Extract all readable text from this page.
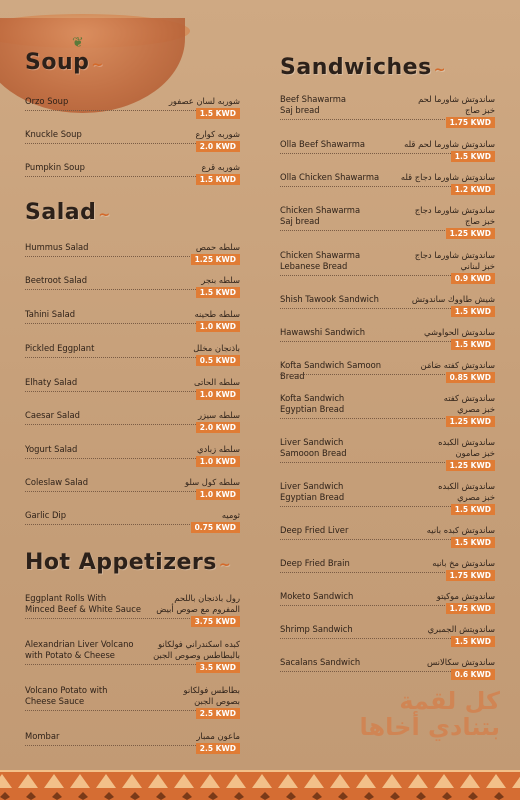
❦
Soup ~
Salad ~
Hot Appetizers ~
Sandwiches ~
Orzo Soup	شوربه لسان عصفور
1.5 KWD
Knuckle Soup	شوربه كوارع
2.0 KWD
Pumpkin Soup	شوربه قرع
1.5 KWD
Hummus Salad	سلطه حمص
1.25 KWD
Beetroot Salad	سلطه بنجر
1.5 KWD
Tahini Salad	سلطه طحينه
1.0 KWD
Pickled Eggplant	باذنجان مخلل
0.5 KWD
Elhaty Salad	سلطه الحاتى
1.0 KWD
Caesar Salad	سلطه سيزر
2.0 KWD
Yogurt Salad	سلطه زبادي
1.0 KWD
Coleslaw Salad	سلطه كول سلو
1.0 KWD
Garlic Dip	ثوميه
0.75 KWD
Eggplant Rolls With
Minced Beef & White Sauce
رول باذنجان باللحم
المفروم مع صوص أبيض
3.75 KWD
Alexandrian Liver Volcano
with Potato & Cheese
كبده اسكندراني فولكانو
بالبطاطس وصوص الجبن
3.5 KWD
Volcano Potato with
Cheese Sauce
بطاطس فولكانو
بصوص الجبن
2.5 KWD
Mombar	ماعون ممبار
2.5 KWD
Beef Shawarma
Saj bread
ساندوتش شاورما لحم
خبز صاج
1.75 KWD
Olla Beef Shawarma	ساندوتش شاورما لحم قله
1.5 KWD
Olla Chicken Shawarma	ساندوتش شاورما دجاج قله
1.2 KWD
Chicken Shawarma
Saj bread
ساندوتش شاورما دجاج
خبز صاج
1.25 KWD
Chicken Shawarma
Lebanese Bread
ساندوتش شاورما دجاج
خبز لبناني
0.9 KWD
Shish Tawook Sandwich	شيش طاووك ساندوتش
1.5 KWD
Hawawshi Sandwich	ساندوتش الحواوشي
1.5 KWD
Kofta Sandwich Samoon Bread
ساندوتش كفته صَامَن
0.85 KWD
Kofta Sandwich
Egyptian Bread
ساندوتش كفته
خبز مصري
1.25 KWD
Liver Sandwich
Samooon Bread
ساندوتش الكبده
خبز صامون
1.25 KWD
Liver Sandwich
Egyptian Bread
ساندوتش الكبده
خبز مصري
1.5 KWD
Deep Fried Liver	ساندوتش كبده بانيه
1.5 KWD
Deep Fried Brain	ساندوتش مخ بانيه
1.75 KWD
Moketo Sandwich	ساندوتش موكيتو
1.75 KWD
Shrimp Sandwich	ساندويتش الجمبري
1.5 KWD
Sacalans Sandwich	ساندوتش سكالانس
0.6 KWD
كل لقمة
بتنادي أخاها
